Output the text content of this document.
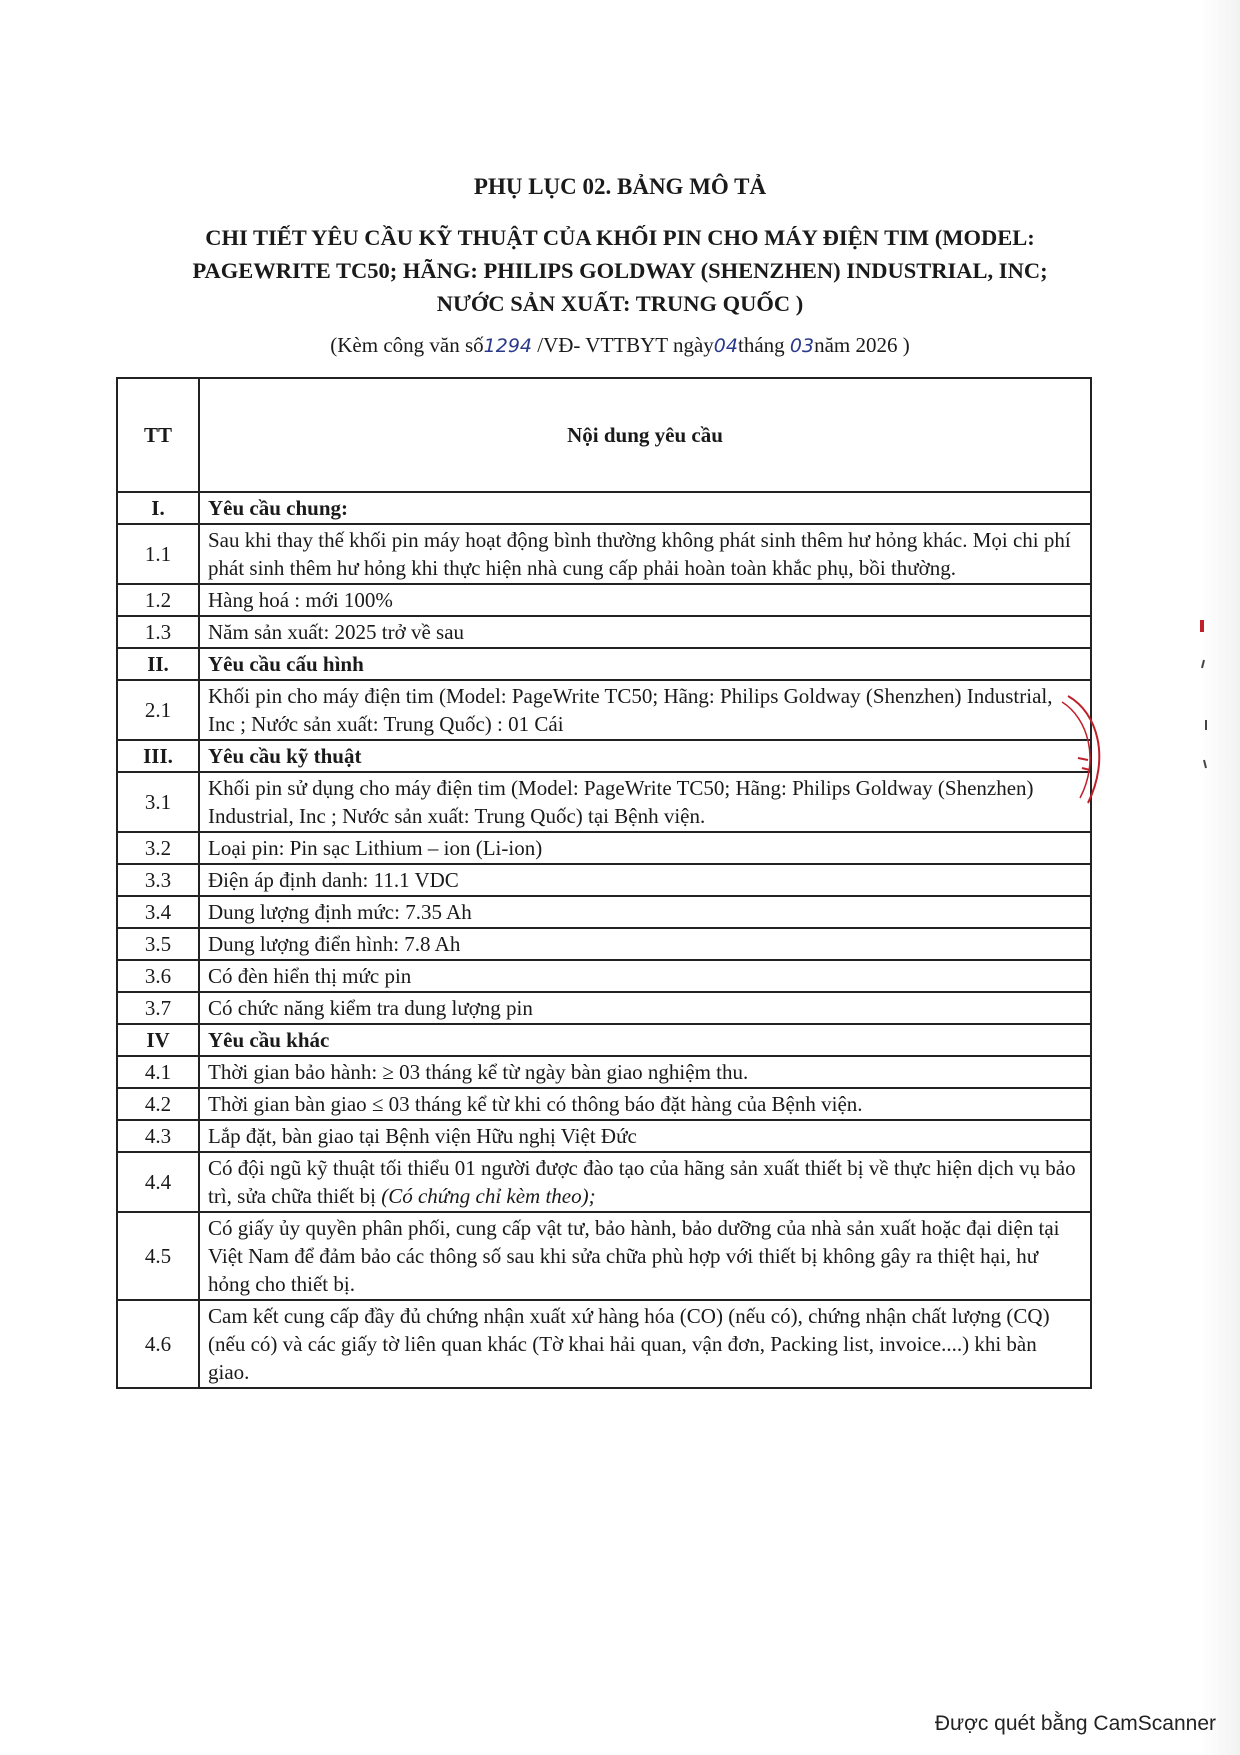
PHỤ LỤC 02. BẢNG MÔ TẢ
CHI TIẾT YÊU CẦU KỸ THUẬT CỦA KHỐI PIN CHO MÁY ĐIỆN TIM (MODEL:
PAGEWRITE TC50; HÃNG: PHILIPS GOLDWAY (SHENZHEN) INDUSTRIAL, INC;
NƯỚC SẢN XUẤT: TRUNG QUỐC )
(Kèm công văn số1294 /VĐ- VTTBYT ngày04tháng 03năm 2026 )
TT	Nội dung yêu cầu
I.	Yêu cầu chung:
1.1	Sau khi thay thế khối pin máy hoạt động bình thường không phát sinh thêm hư hỏng khác. Mọi chi phí phát sinh thêm hư hỏng khi thực hiện nhà cung cấp phải hoàn toàn khắc phụ, bồi thường.
1.2	Hàng hoá : mới 100%
1.3	Năm sản xuất: 2025 trở về sau
II.	Yêu cầu cấu hình
2.1	Khối pin cho máy điện tim (Model: PageWrite TC50; Hãng: Philips Goldway (Shenzhen) Industrial, Inc ; Nước sản xuất: Trung Quốc) : 01 Cái
III.	Yêu cầu kỹ thuật
3.1	Khối pin sử dụng cho máy điện tim (Model: PageWrite TC50; Hãng: Philips Goldway (Shenzhen) Industrial, Inc ; Nước sản xuất: Trung Quốc) tại Bệnh viện.
3.2	Loại pin: Pin sạc Lithium – ion (Li-ion)
3.3	Điện áp định danh: 11.1 VDC
3.4	Dung lượng định mức: 7.35 Ah
3.5	Dung lượng điển hình: 7.8 Ah
3.6	Có đèn hiển thị mức pin
3.7	Có chức năng kiểm tra dung lượng pin
IV	Yêu cầu khác
4.1	Thời gian bảo hành: ≥ 03 tháng kể từ ngày bàn giao nghiệm thu.
4.2	Thời gian bàn giao ≤ 03 tháng kể từ khi có thông báo đặt hàng của Bệnh viện.
4.3	Lắp đặt, bàn giao tại Bệnh viện Hữu nghị Việt Đức
4.4	Có đội ngũ kỹ thuật tối thiểu 01 người được đào tạo của hãng sản xuất thiết bị về thực hiện dịch vụ bảo trì, sửa chữa thiết bị (Có chứng chỉ kèm theo);
4.5	Có giấy ủy quyền phân phối, cung cấp vật tư, bảo hành, bảo dưỡng của nhà sản xuất hoặc đại diện tại Việt Nam để đảm bảo các thông số sau khi sửa chữa phù hợp với thiết bị không gây ra thiệt hại, hư hỏng cho thiết bị.
4.6	Cam kết cung cấp đầy đủ chứng nhận xuất xứ hàng hóa (CO) (nếu có), chứng nhận chất lượng (CQ) (nếu có) và các giấy tờ liên quan khác (Tờ khai hải quan, vận đơn, Packing list, invoice....) khi bàn giao.
Được quét bằng CamScanner
